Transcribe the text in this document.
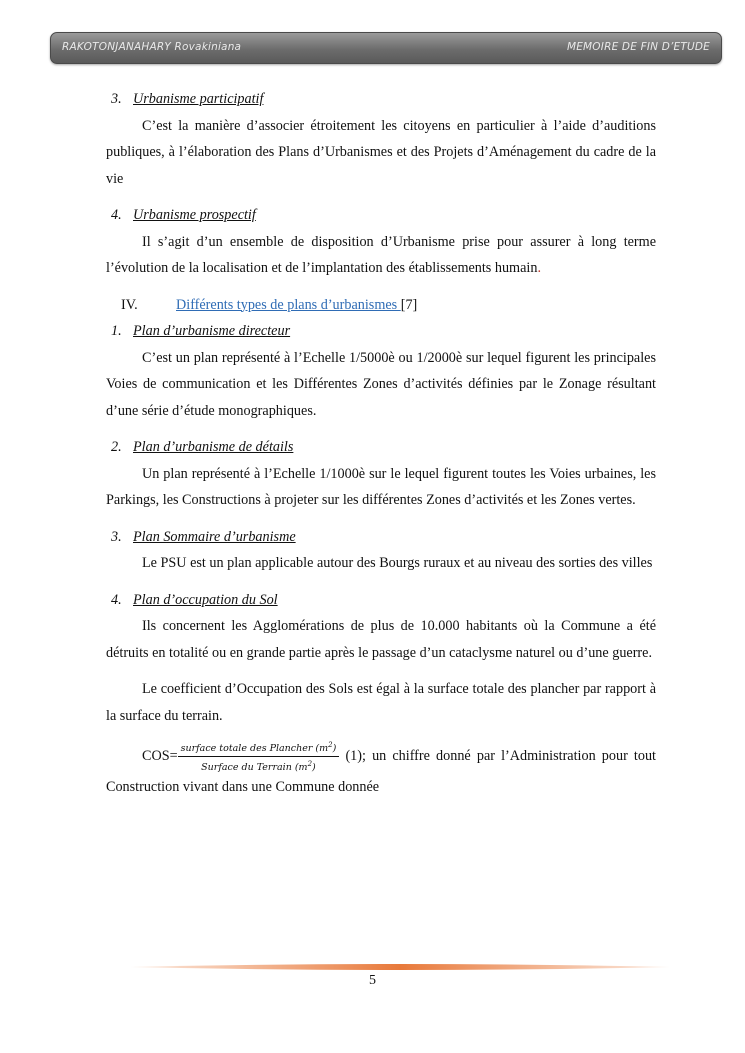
RAKOTONJANAHARY Rovakiniana	MEMOIRE DE FIN D’ETUDE

3. Urbanisme participatif

C’est la manière d’associer étroitement les citoyens en particulier à l’aide d’auditions publiques, à l’élaboration des Plans d’Urbanismes et des Projets d’Aménagement du cadre de la vie

4. Urbanisme prospectif

Il s’agit d’un ensemble de disposition d’Urbanisme prise pour assurer à long terme l’évolution de la localisation et de l’implantation des établissements humain.

IV.	Différents types de plans d’urbanismes [7]

1. Plan d’urbanisme directeur

C’est un plan représenté à l’Echelle 1/5000è ou 1/2000è sur lequel figurent les principales Voies de communication et les Différentes Zones d’activités définies par le Zonage résultant d’une série d’étude monographiques.

2. Plan d’urbanisme de détails

Un plan représenté à l’Echelle 1/1000è sur le lequel figurent toutes les Voies urbaines, les Parkings, les Constructions à projeter sur les différentes Zones d’activités et les Zones vertes.

3. Plan Sommaire d’urbanisme

Le PSU est un plan applicable autour des Bourgs ruraux et au niveau des sorties des villes

4. Plan d’occupation du Sol

Ils concernent les Agglomérations de plus de 10.000 habitants où la Commune a été détruits en totalité ou en grande partie après le passage d’un cataclysme naturel ou d’une guerre.

Le coefficient d’Occupation des Sols est égal à la surface totale des plancher par rapport à la surface du terrain.

$COS= \frac{surface totale des Plancher (m^2)}{Surface du Terrain (m^2)} (1)$; un chiffre donné par l’Administration pour tout Construction vivant dans une Commune donnée

5
